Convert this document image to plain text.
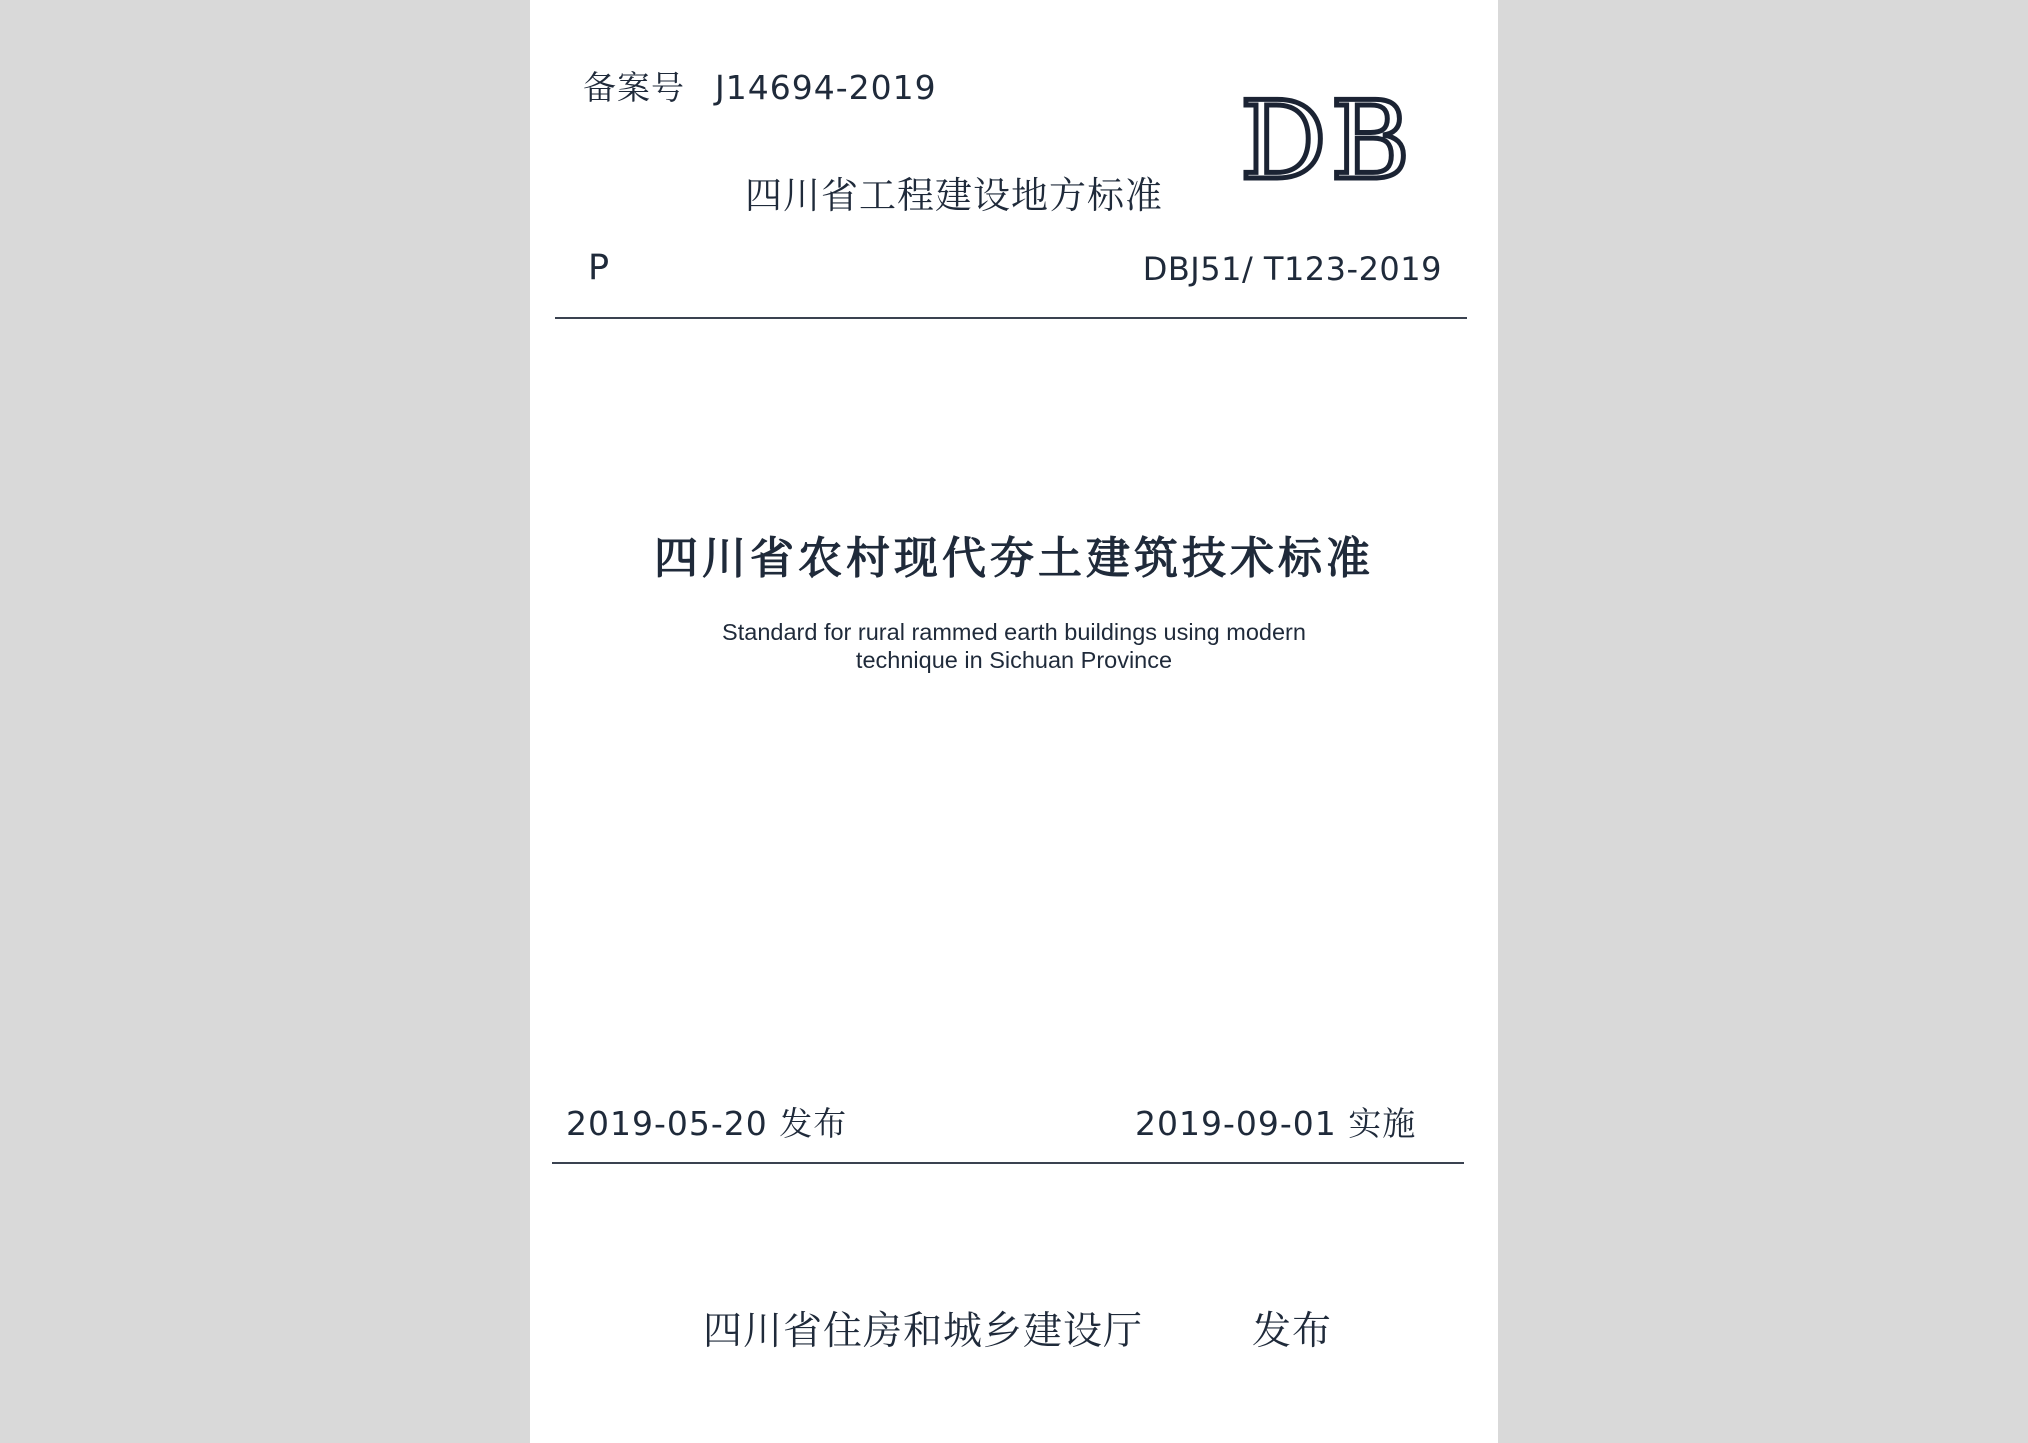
备案号 J14694-2019
四川省工程建设地方标准 DB
P	DBJ51/ T123-2019
四川省农村现代夯土建筑技术标准
Standard for rural rammed earth buildings using modern
technique in Sichuan Province
2019-05-20 发布	2019-09-01 实施
四川省住房和城乡建设厅	发布
